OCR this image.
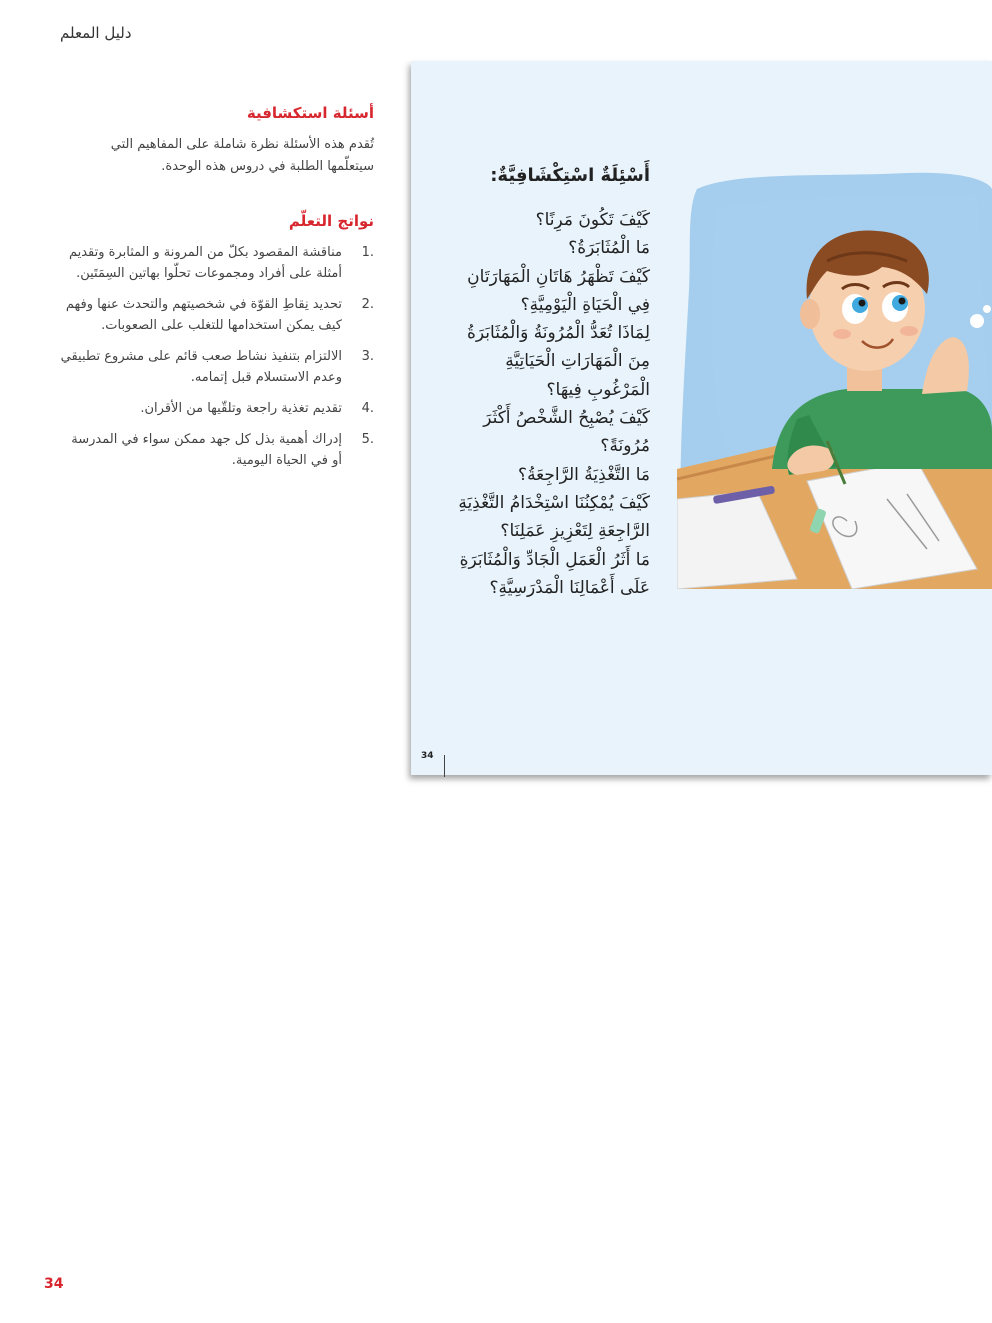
دليل المعلم
أسئلة استكشافية

تُقدم هذه الأسئلة نظرة شاملة على المفاهيم التي سيتعلّمها الطلبة في دروس هذه الوحدة.

نواتج التعلّم
1.
مناقشة المقصود بكلّ من المرونة و المثابرة وتقديم أمثلة على أفراد ومجموعات تحلّوا بهاتين السِمَتَين.
2.
تحديد نِقاطِ القوّة في شخصيتهم والتحدث عنها وفهم كيف يمكن استخدامها للتغلب على الصعوبات.
3.
الالتزام بتنفيذ نشاط صعب قائم على مشروع تطبيقي وعدم الاستسلام قبل إتمامه.
4.
تقديم تغذية راجعة وتلقّيها من الأقران.
5.
إدراك أهمية بذل كل جهد ممكن سواء في المدرسة أو في الحياة اليومية.
أَسْئِلَةٌ اسْتِكْشَافِيَّةٌ:
كَيْفَ تَكُونَ مَرِنًا؟
مَا الْمُثَابَرَةُ؟
كَيْفَ تَظْهَرُ هَاتَانِ الْمَهَارَتَانِ فِي الْحَيَاةِ الْيَوْمِيَّةِ؟
لِمَاذَا تُعَدُّ الْمُرُونَةُ وَالْمُثَابَرَةُ مِنَ الْمَهَارَاتِ الْحَيَاتِيَّةِ الْمَرْغُوبِ فِيهَا؟
كَيْفَ يُصْبِحُ الشَّخْصُ أَكْثَرَ مُرُونَةً؟
مَا التَّغْذِيَةُ الرَّاجِعَةُ؟
كَيْفَ يُمْكِنُنَا اسْتِخْدَامُ التَّغْذِيَةِ الرَّاجِعَةِ لِتَعْزِيزِ عَمَلِنَا؟
مَا أَثَرُ الْعَمَلِ الْجَادِّ وَالْمُثَابَرَةِ عَلَى أَعْمَالِنَا الْمَدْرَسِيَّةِ؟
34
34
